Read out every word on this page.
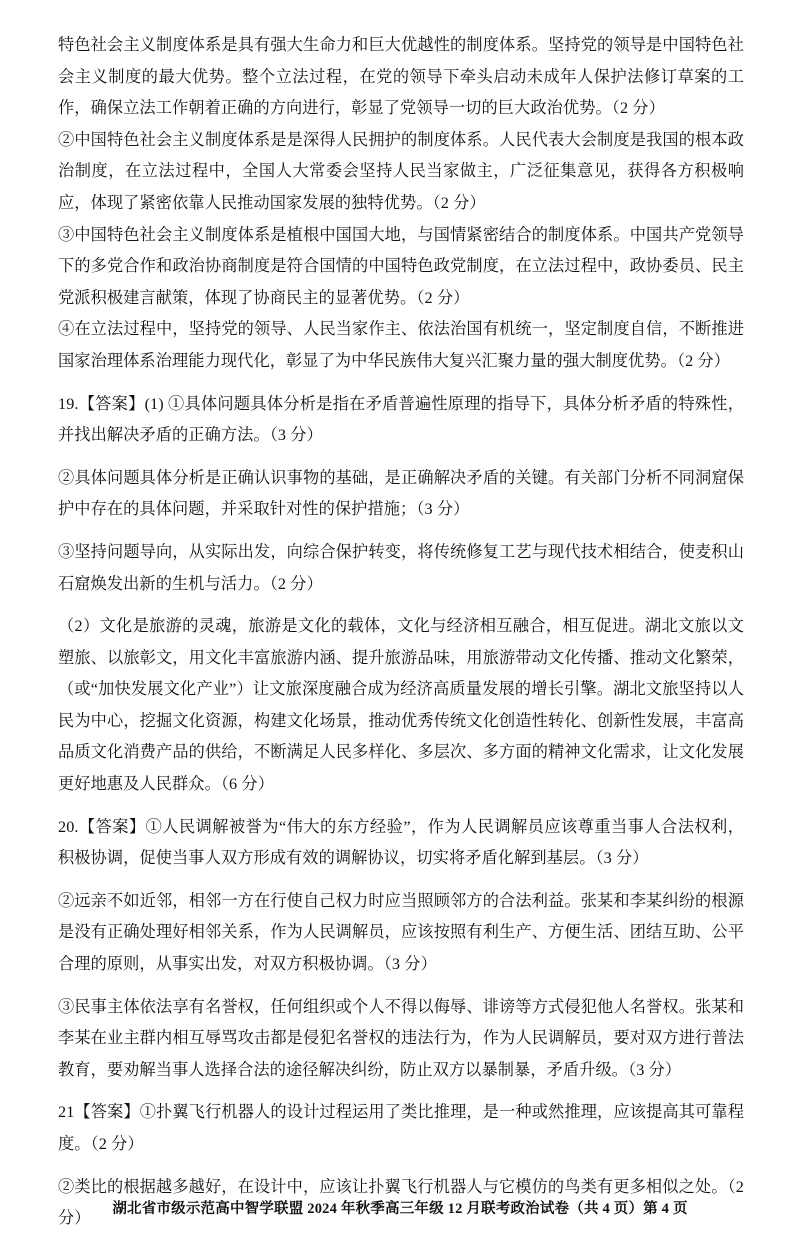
特色社会主义制度体系是具有强大生命力和巨大优越性的制度体系。坚持党的领导是中国特色社会主义制度的最大优势。整个立法过程，在党的领导下牵头启动未成年人保护法修订草案的工作，确保立法工作朝着正确的方向进行，彰显了党领导一切的巨大政治优势。（2 分）

②中国特色社会主义制度体系是是深得人民拥护的制度体系。人民代表大会制度是我国的根本政治制度，在立法过程中，全国人大常委会坚持人民当家做主，广泛征集意见，获得各方积极响应，体现了紧密依靠人民推动国家发展的独特优势。（2 分）

③中国特色社会主义制度体系是植根中国国大地，与国情紧密结合的制度体系。中国共产党领导下的多党合作和政治协商制度是符合国情的中国特色政党制度，在立法过程中，政协委员、民主党派积极建言献策，体现了协商民主的显著优势。（2 分）

④在立法过程中，坚持党的领导、人民当家作主、依法治国有机统一，坚定制度自信，不断推进国家治理体系治理能力现代化，彰显了为中华民族伟大复兴汇聚力量的强大制度优势。（2 分）

19.【答案】(1) ①具体问题具体分析是指在矛盾普遍性原理的指导下，具体分析矛盾的特殊性，并找出解决矛盾的正确方法。（3 分）

②具体问题具体分析是正确认识事物的基础，是正确解决矛盾的关键。有关部门分析不同洞窟保护中存在的具体问题，并采取针对性的保护措施；（3 分）

③坚持问题导向，从实际出发，向综合保护转变，将传统修复工艺与现代技术相结合，使麦积山石窟焕发出新的生机与活力。（2 分）

（2）文化是旅游的灵魂，旅游是文化的载体，文化与经济相互融合，相互促进。湖北文旅以文塑旅、以旅彰文，用文化丰富旅游内涵、提升旅游品味，用旅游带动文化传播、推动文化繁荣，（或“加快发展文化产业”）让文旅深度融合成为经济高质量发展的增长引擎。湖北文旅坚持以人民为中心，挖掘文化资源，构建文化场景，推动优秀传统文化创造性转化、创新性发展，丰富高品质文化消费产品的供给，不断满足人民多样化、多层次、多方面的精神文化需求，让文化发展更好地惠及人民群众。（6 分）

20.【答案】①人民调解被誉为“伟大的东方经验”，作为人民调解员应该尊重当事人合法权利，积极协调，促使当事人双方形成有效的调解协议，切实将矛盾化解到基层。（3 分）

②远亲不如近邻，相邻一方在行使自己权力时应当照顾邻方的合法利益。张某和李某纠纷的根源是没有正确处理好相邻关系，作为人民调解员，应该按照有利生产、方便生活、团结互助、公平合理的原则，从事实出发，对双方积极协调。（3 分）

③民事主体依法享有名誉权，任何组织或个人不得以侮辱、诽谤等方式侵犯他人名誉权。张某和李某在业主群内相互辱骂攻击都是侵犯名誉权的违法行为，作为人民调解员，要对双方进行普法教育，要劝解当事人选择合法的途径解决纠纷，防止双方以暴制暴，矛盾升级。（3 分）

21【答案】①扑翼飞行机器人的设计过程运用了类比推理，是一种或然推理，应该提高其可靠程度。（2 分）

②类比的根据越多越好，在设计中，应该让扑翼飞行机器人与它模仿的鸟类有更多相似之处。（2 分）

湖北省市级示范高中智学联盟 2024 年秋季高三年级 12 月联考政治试卷（共 4 页）第 4 页
